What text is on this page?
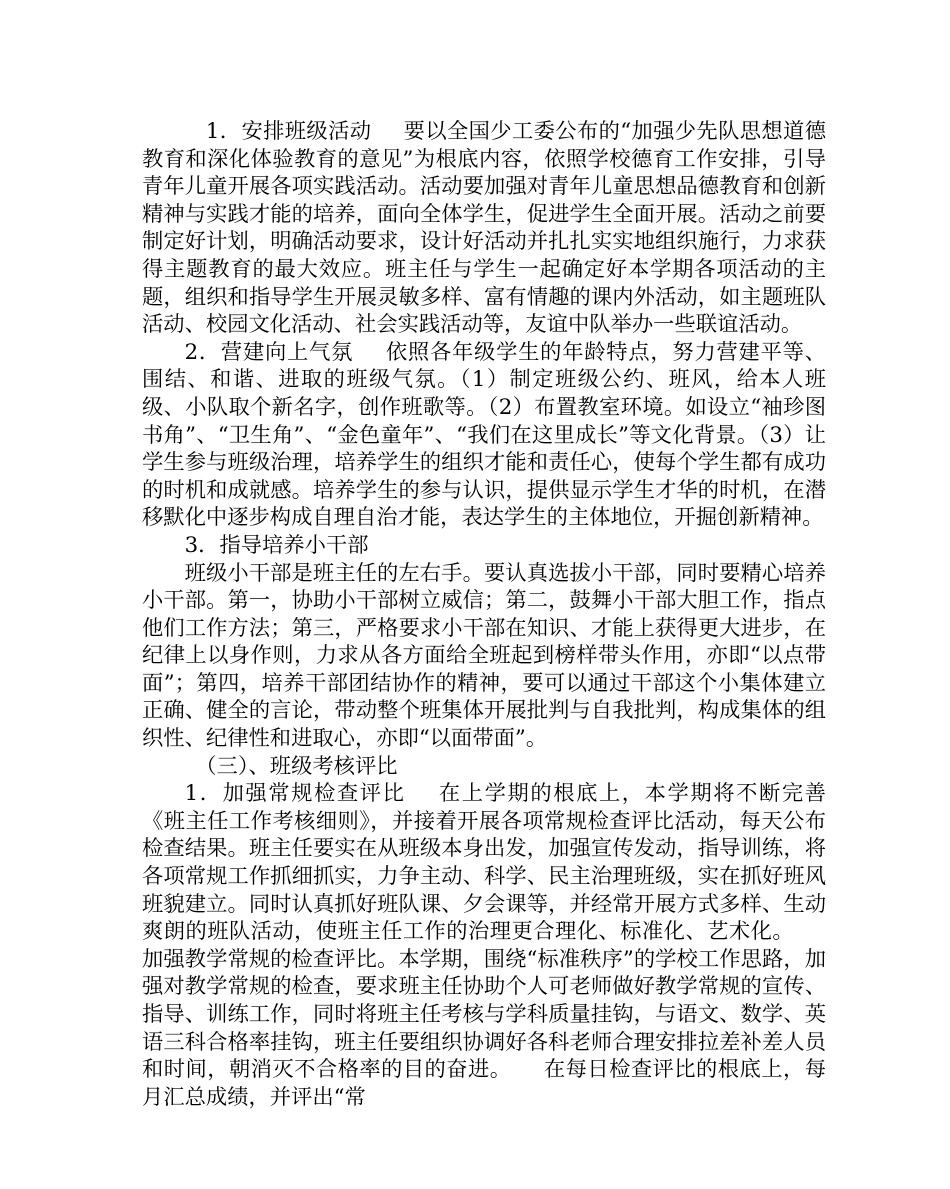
1．安排班级活动 要以全国少工委公布的“加强少先队思想道德教育和深化体验教育的意见”为根底内容，依照学校德育工作安排，引导青年儿童开展各项实践活动。活动要加强对青年儿童思想品德教育和创新精神与实践才能的培养，面向全体学生，促进学生全面开展。活动之前要制定好计划，明确活动要求，设计好活动并扎扎实实地组织施行，力求获得主题教育的最大效应。班主任与学生一起确定好本学期各项活动的主题，组织和指导学生开展灵敏多样、富有情趣的课内外活动，如主题班队活动、校园文化活动、社会实践活动等，友谊中队举办一些联谊活动。

2．营建向上气氛 依照各年级学生的年龄特点，努力营建平等、围结、和谐、进取的班级气氛。（1）制定班级公约、班风，给本人班级、小队取个新名字，创作班歌等。（2）布置教室环境。如设立“袖珍图书角”、“卫生角”、“金色童年”、“我们在这里成长”等文化背景。（3）让学生参与班级治理，培养学生的组织才能和责任心，使每个学生都有成功的时机和成就感。培养学生的参与认识，提供显示学生才华的时机，在潜移默化中逐步构成自理自治才能，表达学生的主体地位，开掘创新精神。

3．指导培养小干部

班级小干部是班主任的左右手。要认真选拔小干部，同时要精心培养小干部。第一，协助小干部树立威信；第二，鼓舞小干部大胆工作，指点他们工作方法；第三，严格要求小干部在知识、才能上获得更大进步，在纪律上以身作则，力求从各方面给全班起到榜样带头作用，亦即“以点带面”；第四，培养干部团结协作的精神，要可以通过干部这个小集体建立正确、健全的言论，带动整个班集体开展批判与自我批判，构成集体的组织性、纪律性和进取心，亦即“以面带面”。

（三）、班级考核评比

1．加强常规检查评比 在上学期的根底上，本学期将不断完善《班主任工作考核细则》，并接着开展各项常规检查评比活动，每天公布检查结果。班主任要实在从班级本身出发，加强宣传发动，指导训练，将各项常规工作抓细抓实，力争主动、科学、民主治理班级，实在抓好班风班貌建立。同时认真抓好班队课、夕会课等，并经常开展方式多样、生动爽朗的班队活动，使班主任工作的治理更合理化、标准化、艺术化。加强教学常规的检查评比。本学期，围绕“标准秩序”的学校工作思路，加强对教学常规的检查，要求班主任协助个人可老师做好教学常规的宣传、指导、训练工作，同时将班主任考核与学科质量挂钩，与语文、数学、英语三科合格率挂钩，班主任要组织协调好各科老师合理安排拉差补差人员和时间，朝消灭不合格率的目的奋进。 在每日检查评比的根底上，每月汇总成绩，并评出“常
